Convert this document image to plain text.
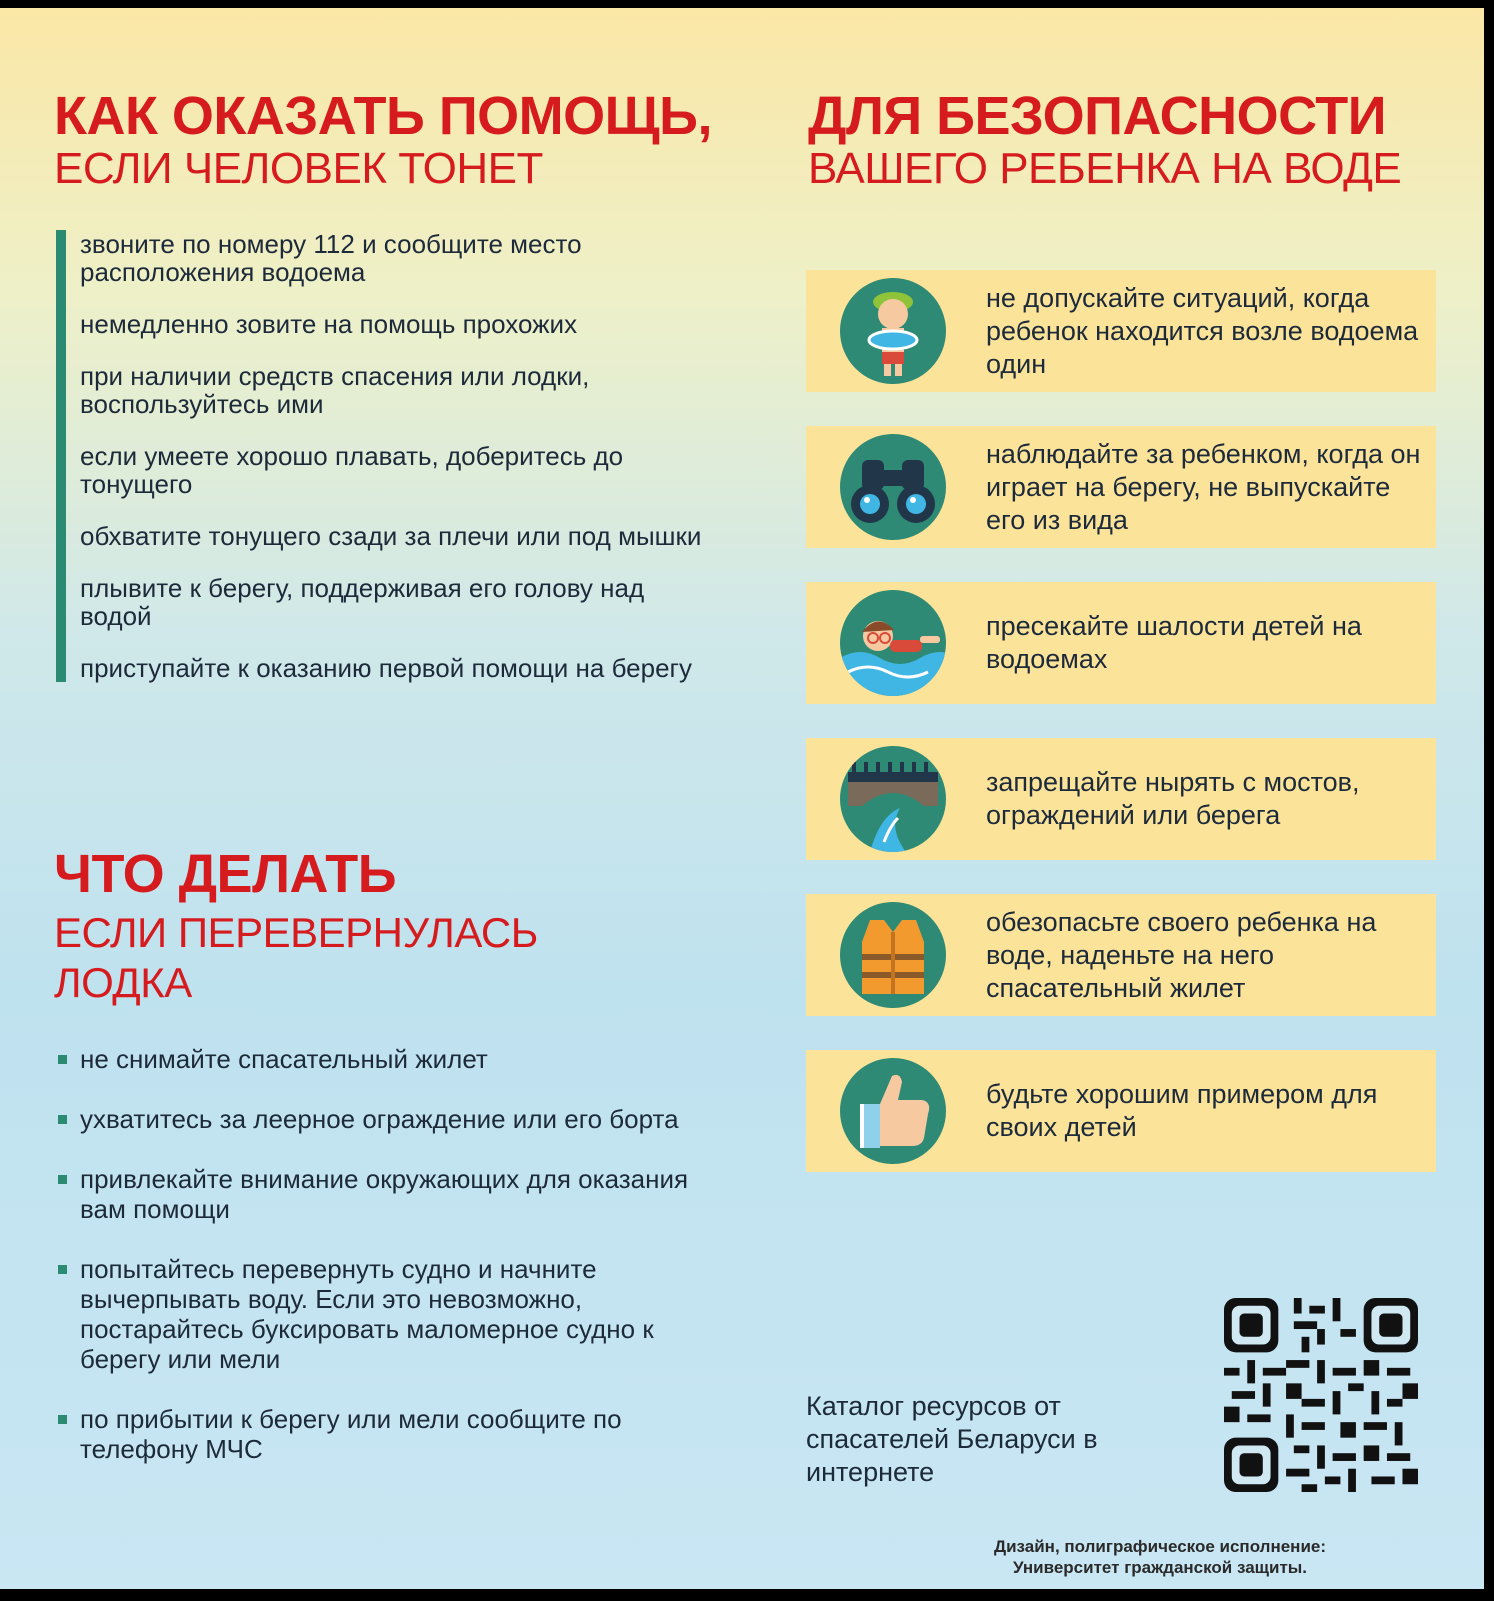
КАК ОКАЗАТЬ ПОМОЩЬ,
ЕСЛИ ЧЕЛОВЕК ТОНЕТ
звоните по номеру 112 и сообщите место расположения водоема
немедленно зовите на помощь прохожих
при наличии средств спасения или лодки, воспользуйтесь ими
если умеете хорошо плавать, доберитесь до тонущего
обхватите тонущего сзади за плечи или под мышки
плывите к берегу, поддерживая его голову над водой
приступайте к оказанию первой помощи на берегу
ЧТО ДЕЛАТЬ
ЕСЛИ ПЕРЕВЕРНУЛАСЬ ЛОДКА
не снимайте спасательный жилет
ухватитесь за леерное ограждение или его борта
привлекайте внимание окружающих для оказания вам помощи
попытайтесь перевернуть судно и начните вычерпывать воду. Если это невозможно, постарайтесь буксировать маломерное судно к берегу или мели
по прибытии к берегу или мели сообщите по телефону МЧС
ДЛЯ БЕЗОПАСНОСТИ
ВАШЕГО РЕБЕНКА НА ВОДЕ
не допускайте ситуаций, когда ребенок находится возле водоема один
наблюдайте за ребенком, когда он играет на берегу, не выпускайте его из вида
пресекайте шалости детей на водоемах
запрещайте нырять с мостов, ограждений или берега
обезопасьте своего ребенка на воде, наденьте на него спасательный жилет
будьте хорошим примером для своих детей
Каталог ресурсов от спасателей Беларуси в интернете
Дизайн, полиграфическое исполнение:
Университет гражданской защиты.
